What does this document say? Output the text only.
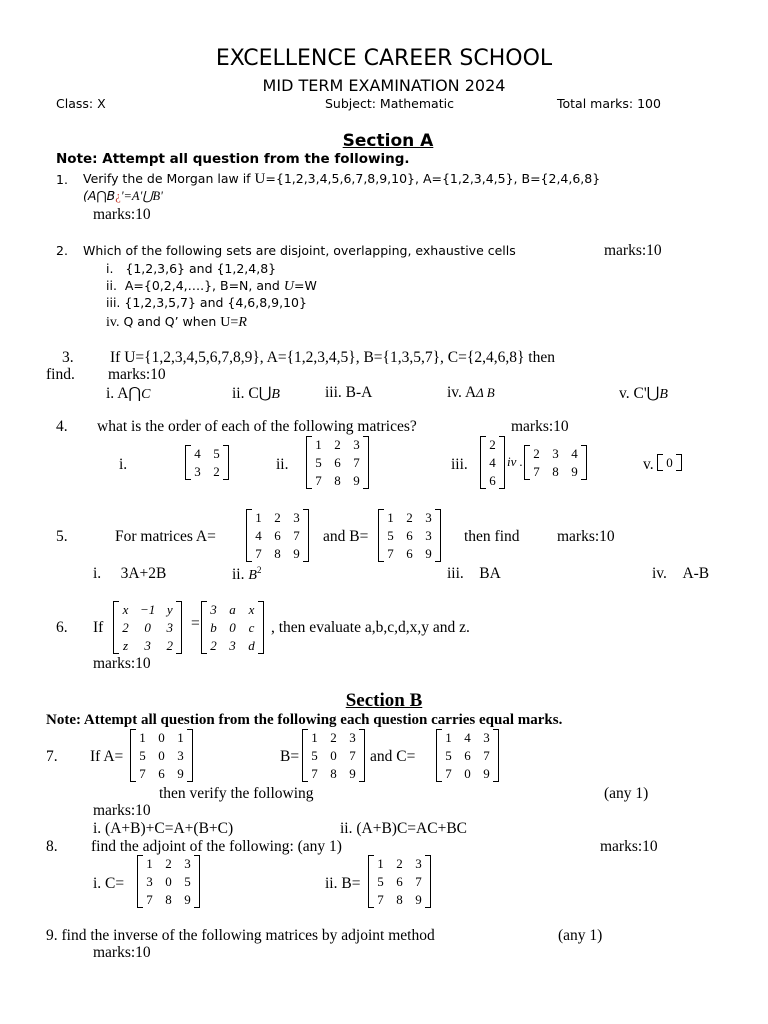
EXCELLENCE CAREER SCHOOL
MID TERM EXAMINATION 2024
Class: X	Subject: Mathematic	Total marks: 100
Section A
Note: Attempt all question from the following.
1. Verify the de Morgan law if U={1,2,3,4,5,6,7,8,9,10}, A={1,2,3,4,5}, B={2,4,6,8}
(A⋂B¿'=A'⋃B'
marks:10
2. Which of the following sets are disjoint, overlapping, exhaustive cells	marks:10
i. {1,2,3,6} and {1,2,4,8}
ii. A={0,2,4,….}, B=N, and U=W
iii. {1,2,3,5,7} and {4,6,8,9,10}
iv. Q and Q’ when U=R
3. If U={1,2,3,4,5,6,7,8,9}, A={1,2,3,4,5}, B={1,3,5,7}, C={2,4,6,8} then
find. marks:10
i. A⋂C	ii. C⋃B	iii. B-A	iv. AΔ B	v. C'⋃B
4. what is the order of each of the following matrices?	marks:10
i.
4 5
3 2	ii.
1 2 3
5 6 7
7 8 9
iii.
2
4
6
iv .
2 3 4
7 8 9	v. 0
5.	For matrices A=
1 2 3
4 6 7
7 8 9
and B=
1 2 3
5 6 3
7 6 9
then find marks:10
i. 3A+2B	ii. $B^2$	iii. BA	iv. A-B
6. If
x −1 y
2	0	3
z	3	2
=
3 a x
b 0 c
2 3 d
, then evaluate a,b,c,d,x,y and z.
marks:10
Section B
Note: Attempt all question from the following each question carries equal marks.
7. If A=
1 0 1
5 0 3
7 6 9
B=
1 2 3
5 0 7
7 8 9
and C=
1 4 3
5 6 7
7 0 9
then verify the following	(any 1)
marks:10
i. (A+B)+C=A+(B+C)	ii. (A+B)C=AC+BC
8. find the adjoint of the following: (any 1)	marks:10
i. C=
1 2 3
3 0 5
7 8 9
ii. B=
1 2 3
5 6 7
7 8 9
9. find the inverse of the following matrices by adjoint method	(any 1)
marks:10
